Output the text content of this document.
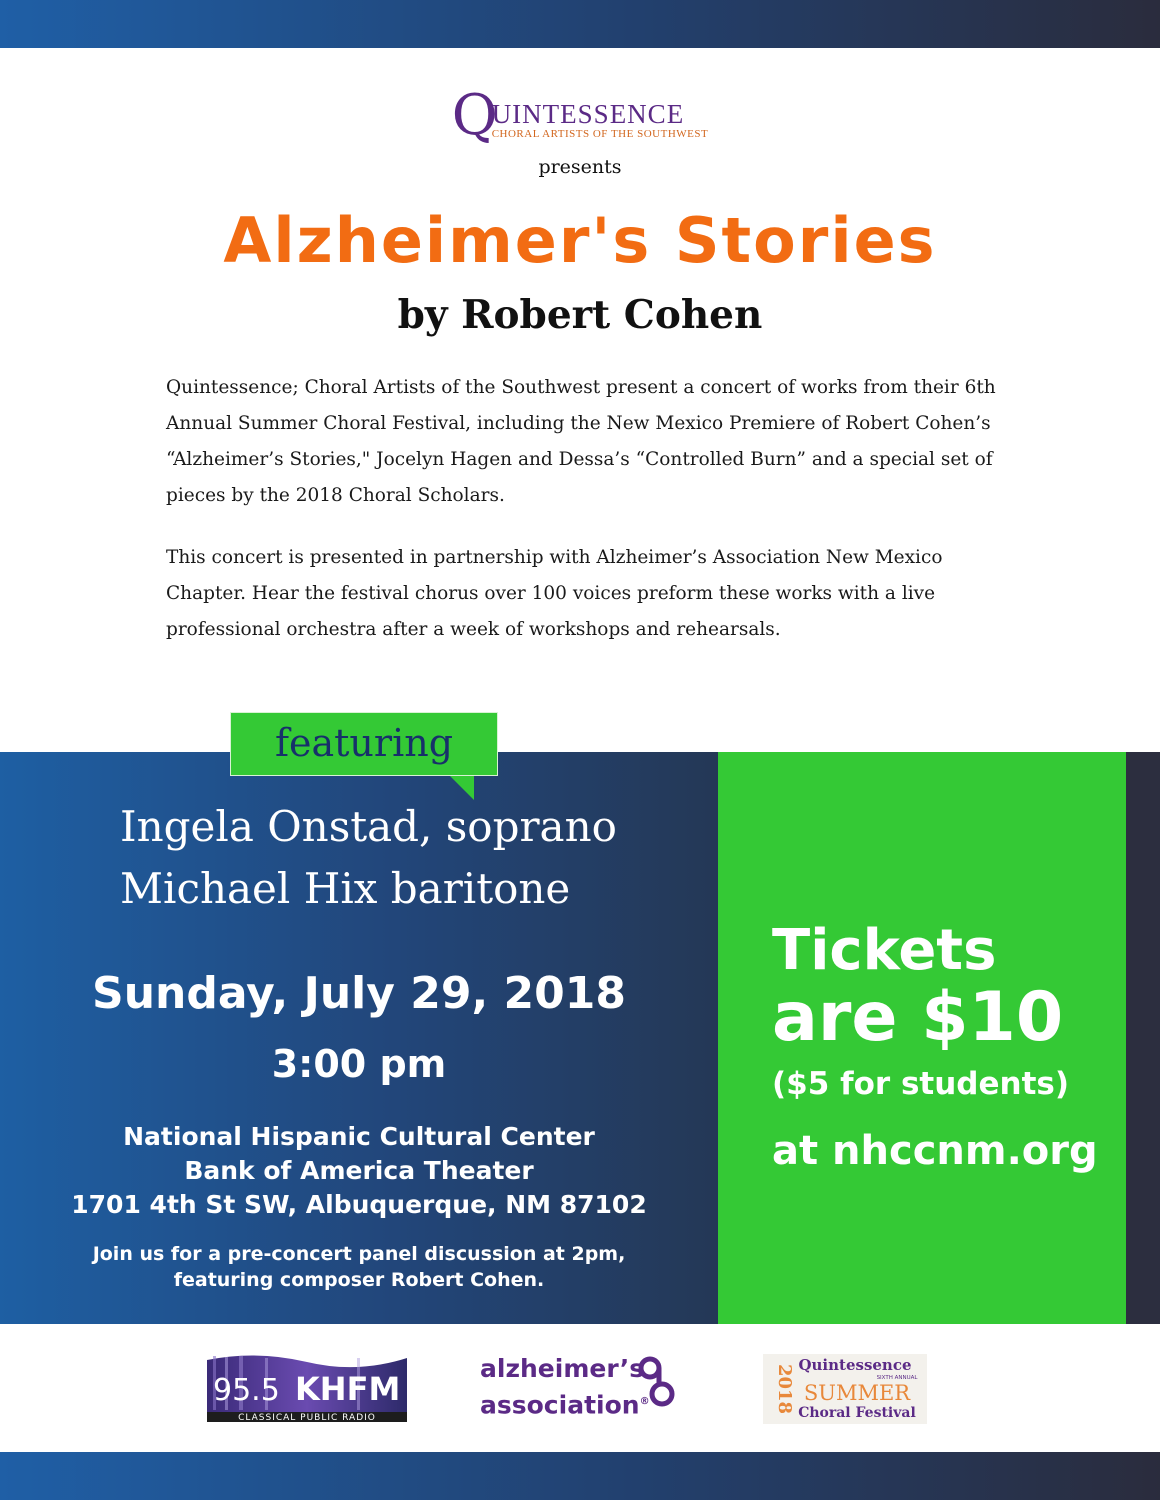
Q
UINTESSENCE
CHORAL ARTISTS OF THE SOUTHWEST
presents
Alzheimer's Stories
by Robert Cohen

Quintessence; Choral Artists of the Southwest present a concert of works from their 6th Annual Summer Choral Festival, including the New Mexico Premiere of Robert Cohen’s “Alzheimer’s Stories," Jocelyn Hagen and Dessa’s “Controlled Burn” and a special set of pieces by the 2018 Choral Scholars.

This concert is presented in partnership with Alzheimer’s Association New Mexico Chapter. Hear the festival chorus over 100 voices preform these works with a live professional orchestra after a week of workshops and rehearsals.

featuring
Ingela Onstad, soprano
Michael Hix baritone
Sunday, July 29, 2018
3:00 pm
National Hispanic Cultural Center
Bank of America Theater
1701 4th St SW, Albuquerque, NM 87102
Join us for a pre-concert panel discussion at 2pm,
featuring composer Robert Cohen.
Tickets
are $10
($5 for students)
at nhccnm.org
95.5 KHFM
CLASSICAL PUBLIC RADIO
alzheimer’s
association®	2018 Quintessence
SIXTH ANNUAL
SUMMER
Choral Festival
